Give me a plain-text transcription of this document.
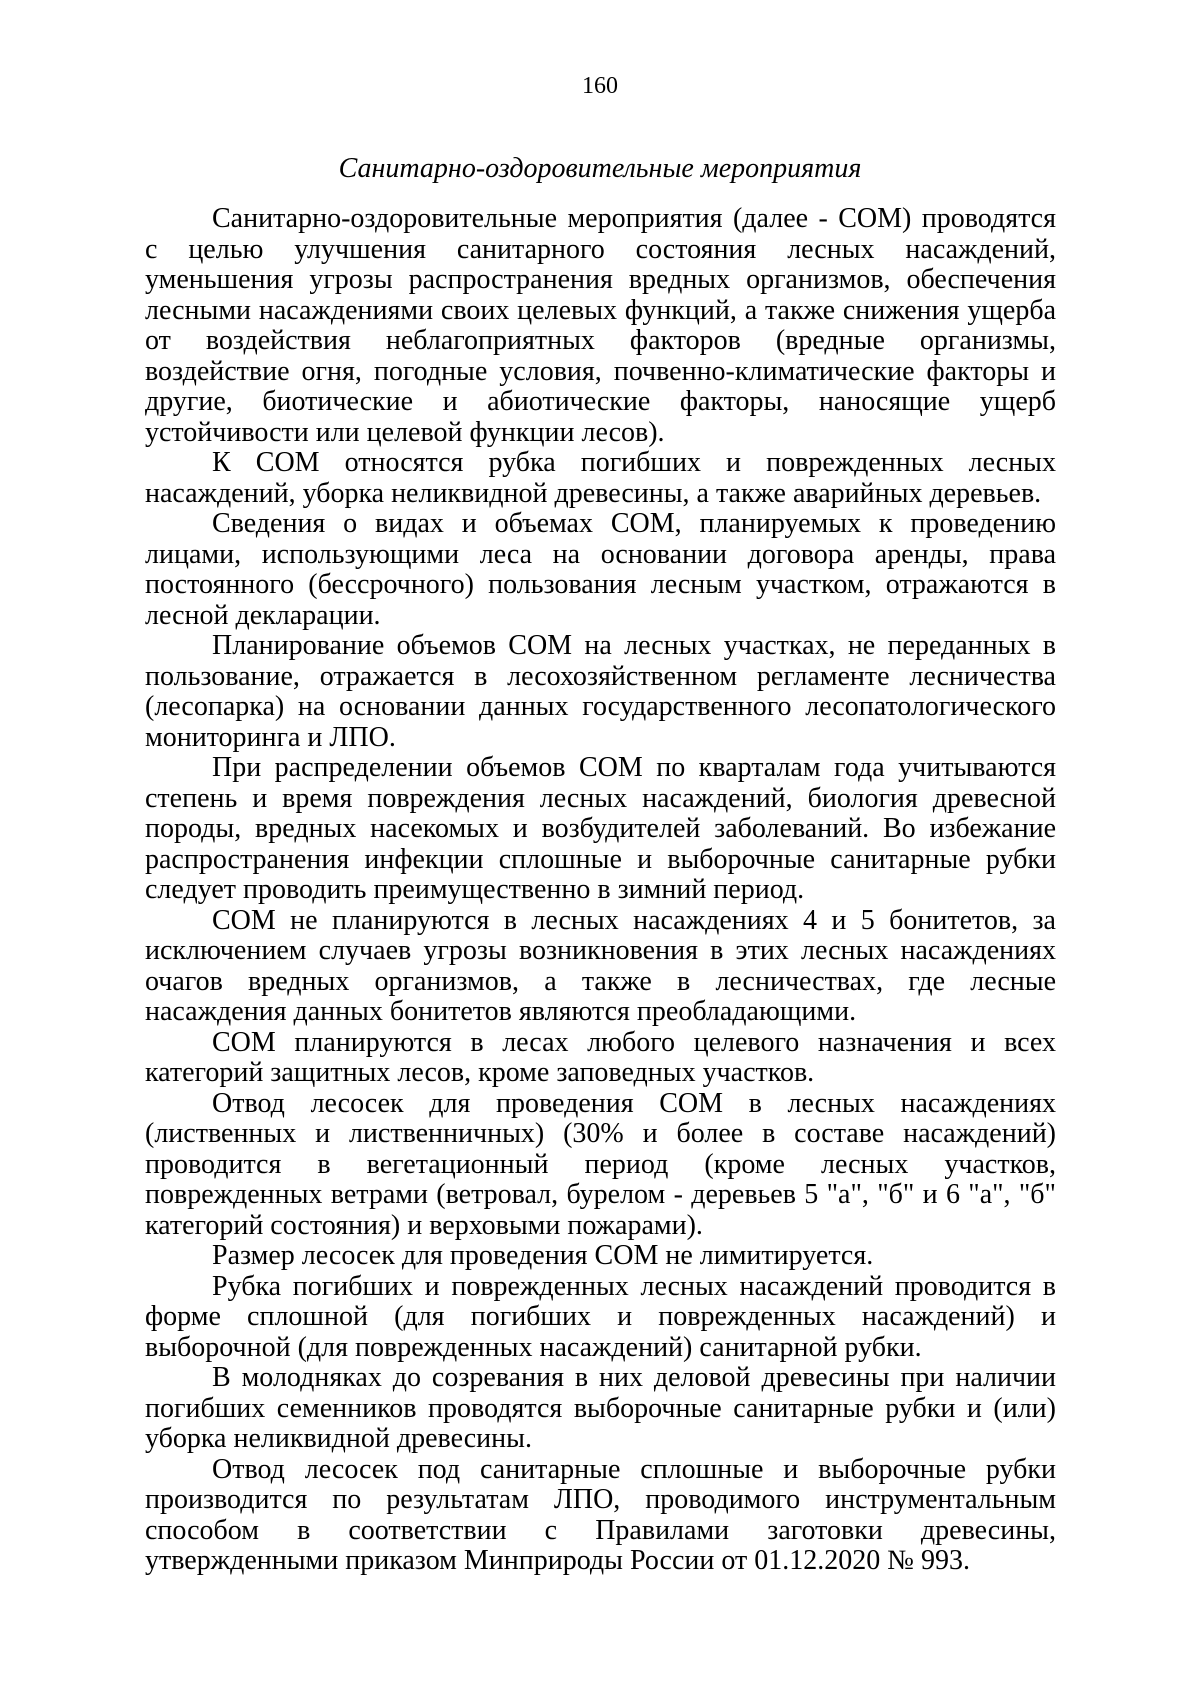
160
Санитарно-оздоровительные мероприятия

Санитарно-оздоровительные мероприятия (далее - СОМ) проводятся с целью улучшения санитарного состояния лесных насаждений, уменьшения угрозы распространения вредных организмов, обеспечения лесными насаждениями своих целевых функций, а также снижения ущерба от воздействия неблагоприятных факторов (вредные организмы, воздействие огня, погодные условия, почвенно-климатические факторы и другие, биотические и абиотические факторы, наносящие ущерб устойчивости или целевой функции лесов).

К СОМ относятся рубка погибших и поврежденных лесных насаждений, уборка неликвидной древесины, а также аварийных деревьев.

Сведения о видах и объемах СОМ, планируемых к проведению лицами, использующими леса на основании договора аренды, права постоянного (бессрочного) пользования лесным участком, отражаются в лесной декларации.

Планирование объемов СОМ на лесных участках, не переданных в пользование, отражается в лесохозяйственном регламенте лесничества (лесопарка) на основании данных государственного лесопатологического мониторинга и ЛПО.

При распределении объемов СОМ по кварталам года учитываются степень и время повреждения лесных насаждений, биология древесной породы, вредных насекомых и возбудителей заболеваний. Во избежание распространения инфекции сплошные и выборочные санитарные рубки следует проводить преимущественно в зимний период.

СОМ не планируются в лесных насаждениях 4 и 5 бонитетов, за исключением случаев угрозы возникновения в этих лесных насаждениях очагов вредных организмов, а также в лесничествах, где лесные насаждения данных бонитетов являются преобладающими.

СОМ планируются в лесах любого целевого назначения и всех категорий защитных лесов, кроме заповедных участков.

Отвод лесосек для проведения СОМ в лесных насаждениях (лиственных и лиственничных) (30% и более в составе насаждений) проводится в вегетационный период (кроме лесных участков, поврежденных ветрами (ветровал, бурелом - деревьев 5 "а", "б" и 6 "а", "б" категорий состояния) и верховыми пожарами).

Размер лесосек для проведения СОМ не лимитируется.

Рубка погибших и поврежденных лесных насаждений проводится в форме сплошной (для погибших и поврежденных насаждений) и выборочной (для поврежденных насаждений) санитарной рубки.

В молодняках до созревания в них деловой древесины при наличии погибших семенников проводятся выборочные санитарные рубки и (или) уборка неликвидной древесины.

Отвод лесосек под санитарные сплошные и выборочные рубки производится по результатам ЛПО, проводимого инструментальным способом в соответствии с Правилами заготовки древесины, утвержденными приказом Минприроды России от 01.12.2020 № 993.
